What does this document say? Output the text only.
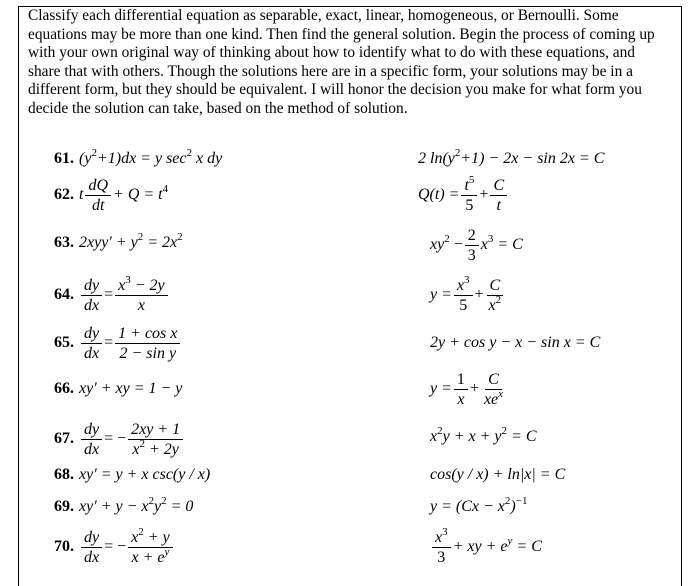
Classify each differential equation as separable, exact, linear, homogeneous, or Bernoulli. Some equations may be more than one kind. Then find the general solution. Begin the process of coming up with your own original way of thinking about how to identify what to do with these equations, and share that with others. Though the solutions here are in a specific form, your solutions may be in a different form, but they should be equivalent. I will honor the decision you make for what form you decide the solution can take, based on the method of solution.

61. $(y^2+1)dx = y$ $\sec^2 x$ dy	2 $\ln(y^2+1) - 2x - \sin 2x = C$
62. t $\frac{dQ}{dt} + Q = t^4$	$Q(t) = \frac{t^5}{5} + \frac{C}{t}$
63. $2xyy' + y^2 = 2x^2$	$xy^2 - \frac{2}{3} x^3 = C$
64. $\frac{dy}{dx} = \frac{x^3 - 2y}{x}$	$y = \frac{x^3}{5} + \frac{C}{x^2}$
65. $\frac{dy}{dx} = \frac{\text{1 + cos x}}{\text{2 − sin y}}$	2y + cos y − x − sin x = C
66. xy′ + xy = 1 − y	$y = \frac{1}{x} + \frac{C}{xe^x}$
67. $\frac{dy}{dx}$ = − $\frac{2xy + 1}{x^2 + 2y}$	$x^2y + x + y^2 = C$
68. xy′ = y + x csc(y / x)	cos(y / x) + ln|x| = C
69. $xy' + y - x^2y^2 = 0$	$y = (Cx - x^2)^{-1}$
70. $\frac{dy}{dx}$ = − $\frac{x^2 + y}{x + e^y}$	$\frac{x^3}{3}$ + xy + $e^y = C$
